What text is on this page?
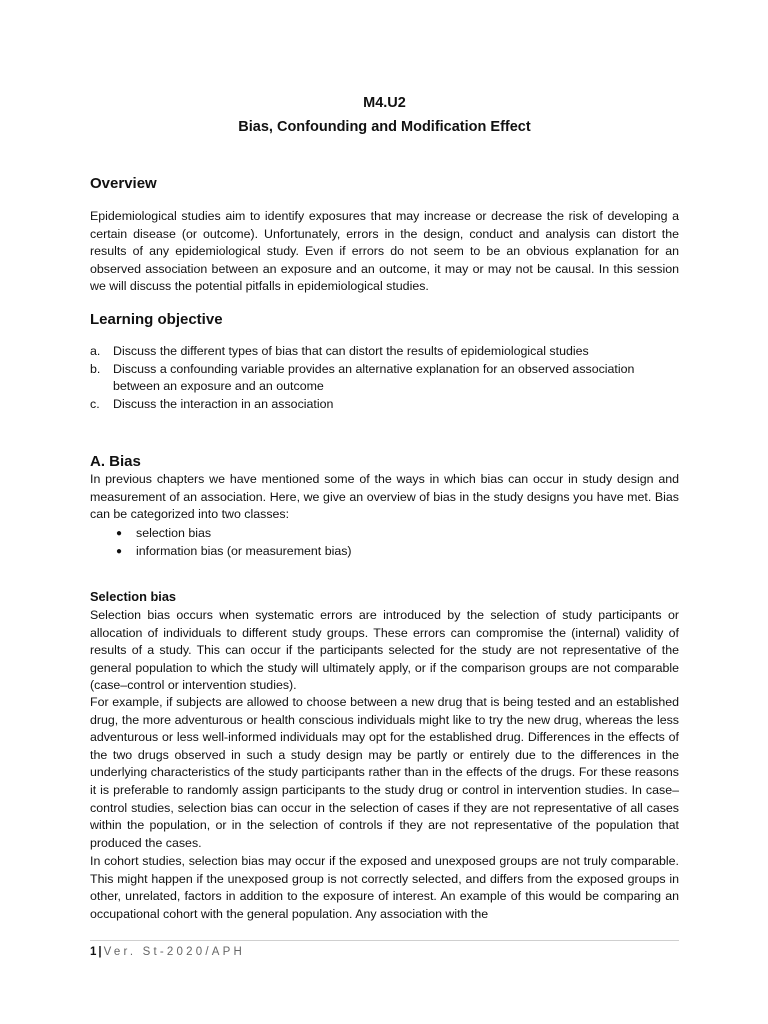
M4.U2
Bias, Confounding and Modification Effect
Overview

Epidemiological studies aim to identify exposures that may increase or decrease the risk of developing a certain disease (or outcome). Unfortunately, errors in the design, conduct and analysis can distort the results of any epidemiological study. Even if errors do not seem to be an obvious explanation for an observed association between an exposure and an outcome, it may or may not be causal. In this session we will discuss the potential pitfalls in epidemiological studies.

Learning objective
a. Discuss the different types of bias that can distort the results of epidemiological studies
b. Discuss a confounding variable provides an alternative explanation for an observed association between an exposure and an outcome
c. Discuss the interaction in an association
A. Bias

In previous chapters we have mentioned some of the ways in which bias can occur in study design and measurement of an association. Here, we give an overview of bias in the study designs you have met. Bias can be categorized into two classes:

● selection bias
● information bias (or measurement bias)
Selection bias

Selection bias occurs when systematic errors are introduced by the selection of study participants or allocation of individuals to different study groups. These errors can compromise the (internal) validity of results of a study. This can occur if the participants selected for the study are not representative of the general population to which the study will ultimately apply, or if the comparison groups are not comparable (case–control or intervention studies).

For example, if subjects are allowed to choose between a new drug that is being tested and an established drug, the more adventurous or health conscious individuals might like to try the new drug, whereas the less adventurous or less well-informed individuals may opt for the established drug. Differences in the effects of the two drugs observed in such a study design may be partly or entirely due to the differences in the underlying characteristics of the study participants rather than in the effects of the drugs. For these reasons it is preferable to randomly assign participants to the study drug or control in intervention studies. In case–control studies, selection bias can occur in the selection of cases if they are not representative of all cases within the population, or in the selection of controls if they are not representative of the population that produced the cases.

In cohort studies, selection bias may occur if the exposed and unexposed groups are not truly comparable. This might happen if the unexposed group is not correctly selected, and differs from the exposed groups in other, unrelated, factors in addition to the exposure of interest. An example of this would be comparing an occupational cohort with the general population. Any association with the

1 | Ver. St-2020/APH
